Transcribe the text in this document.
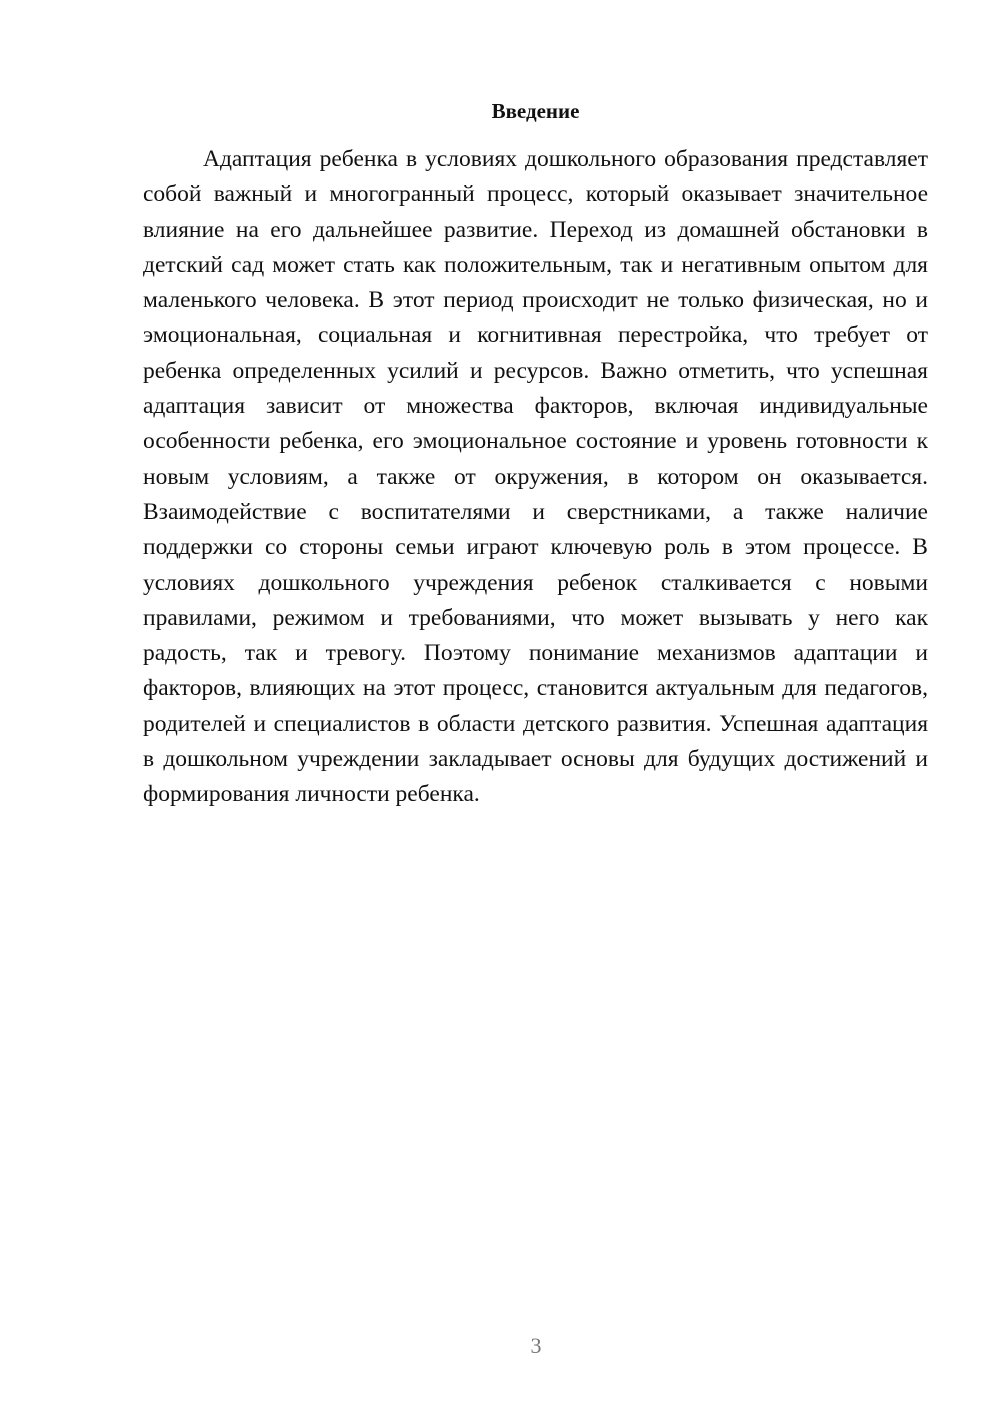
Введение

Адаптация ребенка в условиях дошкольного образования представляет собой важный и многогранный процесс, который оказывает значительное влияние на его дальнейшее развитие. Переход из домашней обстановки в детский сад может стать как положительным, так и негативным опытом для маленького человека. В этот период происходит не только физическая, но и эмоциональная, социальная и когнитивная перестройка, что требует от ребенка определенных усилий и ресурсов. Важно отметить, что успешная адаптация зависит от множества факторов, включая индивидуальные особенности ребенка, его эмоциональное состояние и уровень готовности к новым условиям, а также от окружения, в котором он оказывается. Взаимодействие с воспитателями и сверстниками, а также наличие поддержки со стороны семьи играют ключевую роль в этом процессе. В условиях дошкольного учреждения ребенок сталкивается с новыми правилами, режимом и требованиями, что может вызывать у него как радость, так и тревогу. Поэтому понимание механизмов адаптации и факторов, влияющих на этот процесс, становится актуальным для педагогов, родителей и специалистов в области детского развития. Успешная адаптация в дошкольном учреждении закладывает основы для будущих достижений и формирования личности ребенка.

3
